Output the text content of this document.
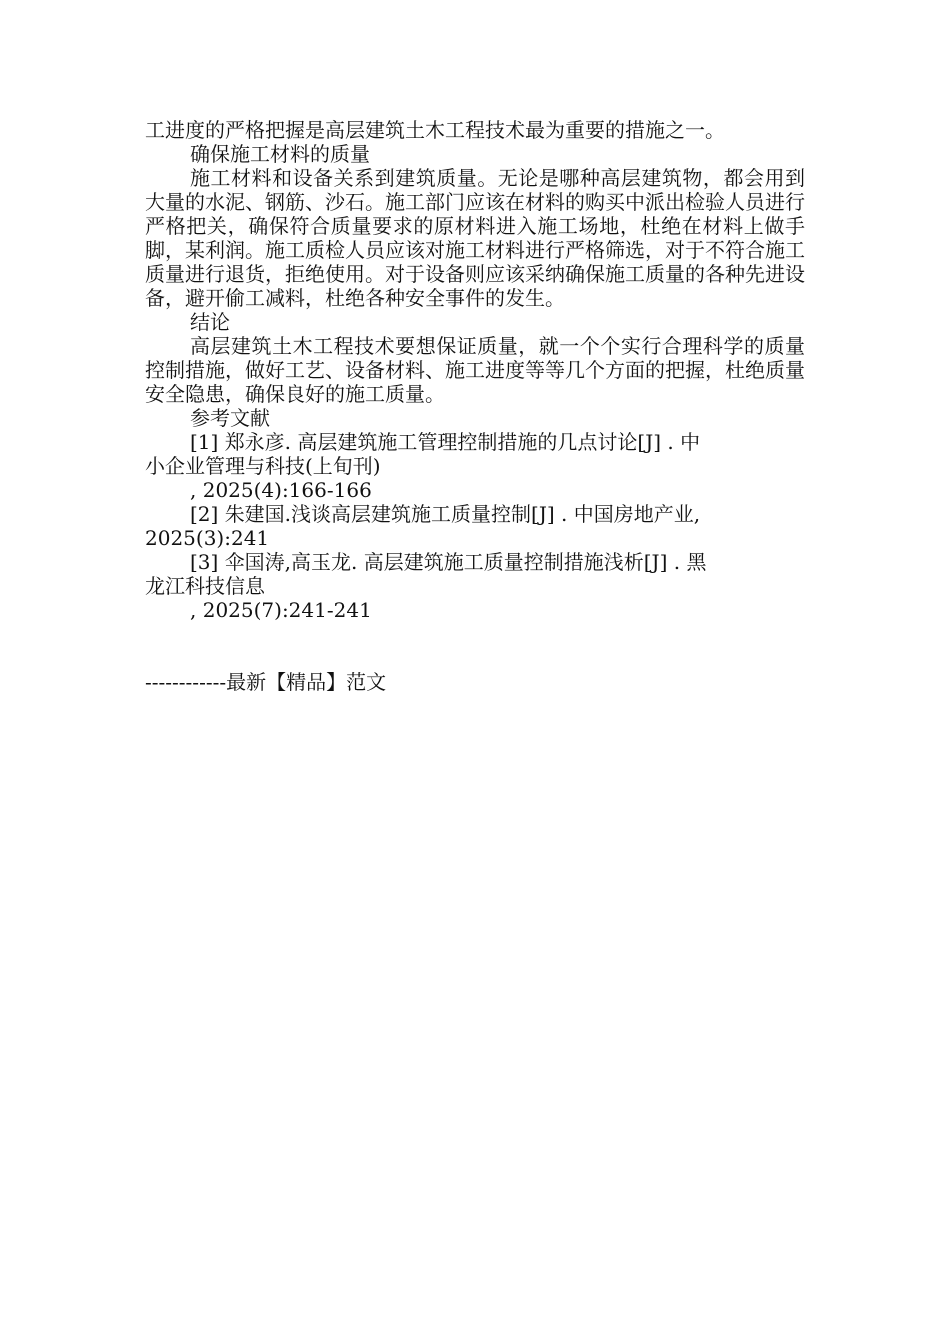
工进度的严格把握是高层建筑土木工程技术最为重要的措施之一。
确保施工材料的质量

施工材料和设备关系到建筑质量。无论是哪种高层建筑物，都会用到大量的水泥、钢筋、沙石。施工部门应该在材料的购买中派出检验人员进行严格把关，确保符合质量要求的原材料进入施工场地，杜绝在材料上做手脚，某利润。施工质检人员应该对施工材料进行严格筛选，对于不符合施工质量进行退货，拒绝使用。对于设备则应该采纳确保施工质量的各种先进设备，避开偷工减料，杜绝各种安全事件的发生。

结论

高层建筑土木工程技术要想保证质量，就一个个实行合理科学的质量控制措施，做好工艺、设备材料、施工进度等等几个方面的把握，杜绝质量安全隐患，确保良好的施工质量。

参考文献
[1] 郑永彦. 高层建筑施工管理控制措施的几点讨论[J] . 中
小企业管理与科技(上旬刊)
, 2025(4):166-166
[2] 朱建国.浅谈高层建筑施工质量控制[J] . 中国房地产业,
2025(3):241
[3] 伞国涛,高玉龙. 高层建筑施工质量控制措施浅析[J] . 黑
龙江科技信息
, 2025(7):241-241
------------最新【精品】范文
